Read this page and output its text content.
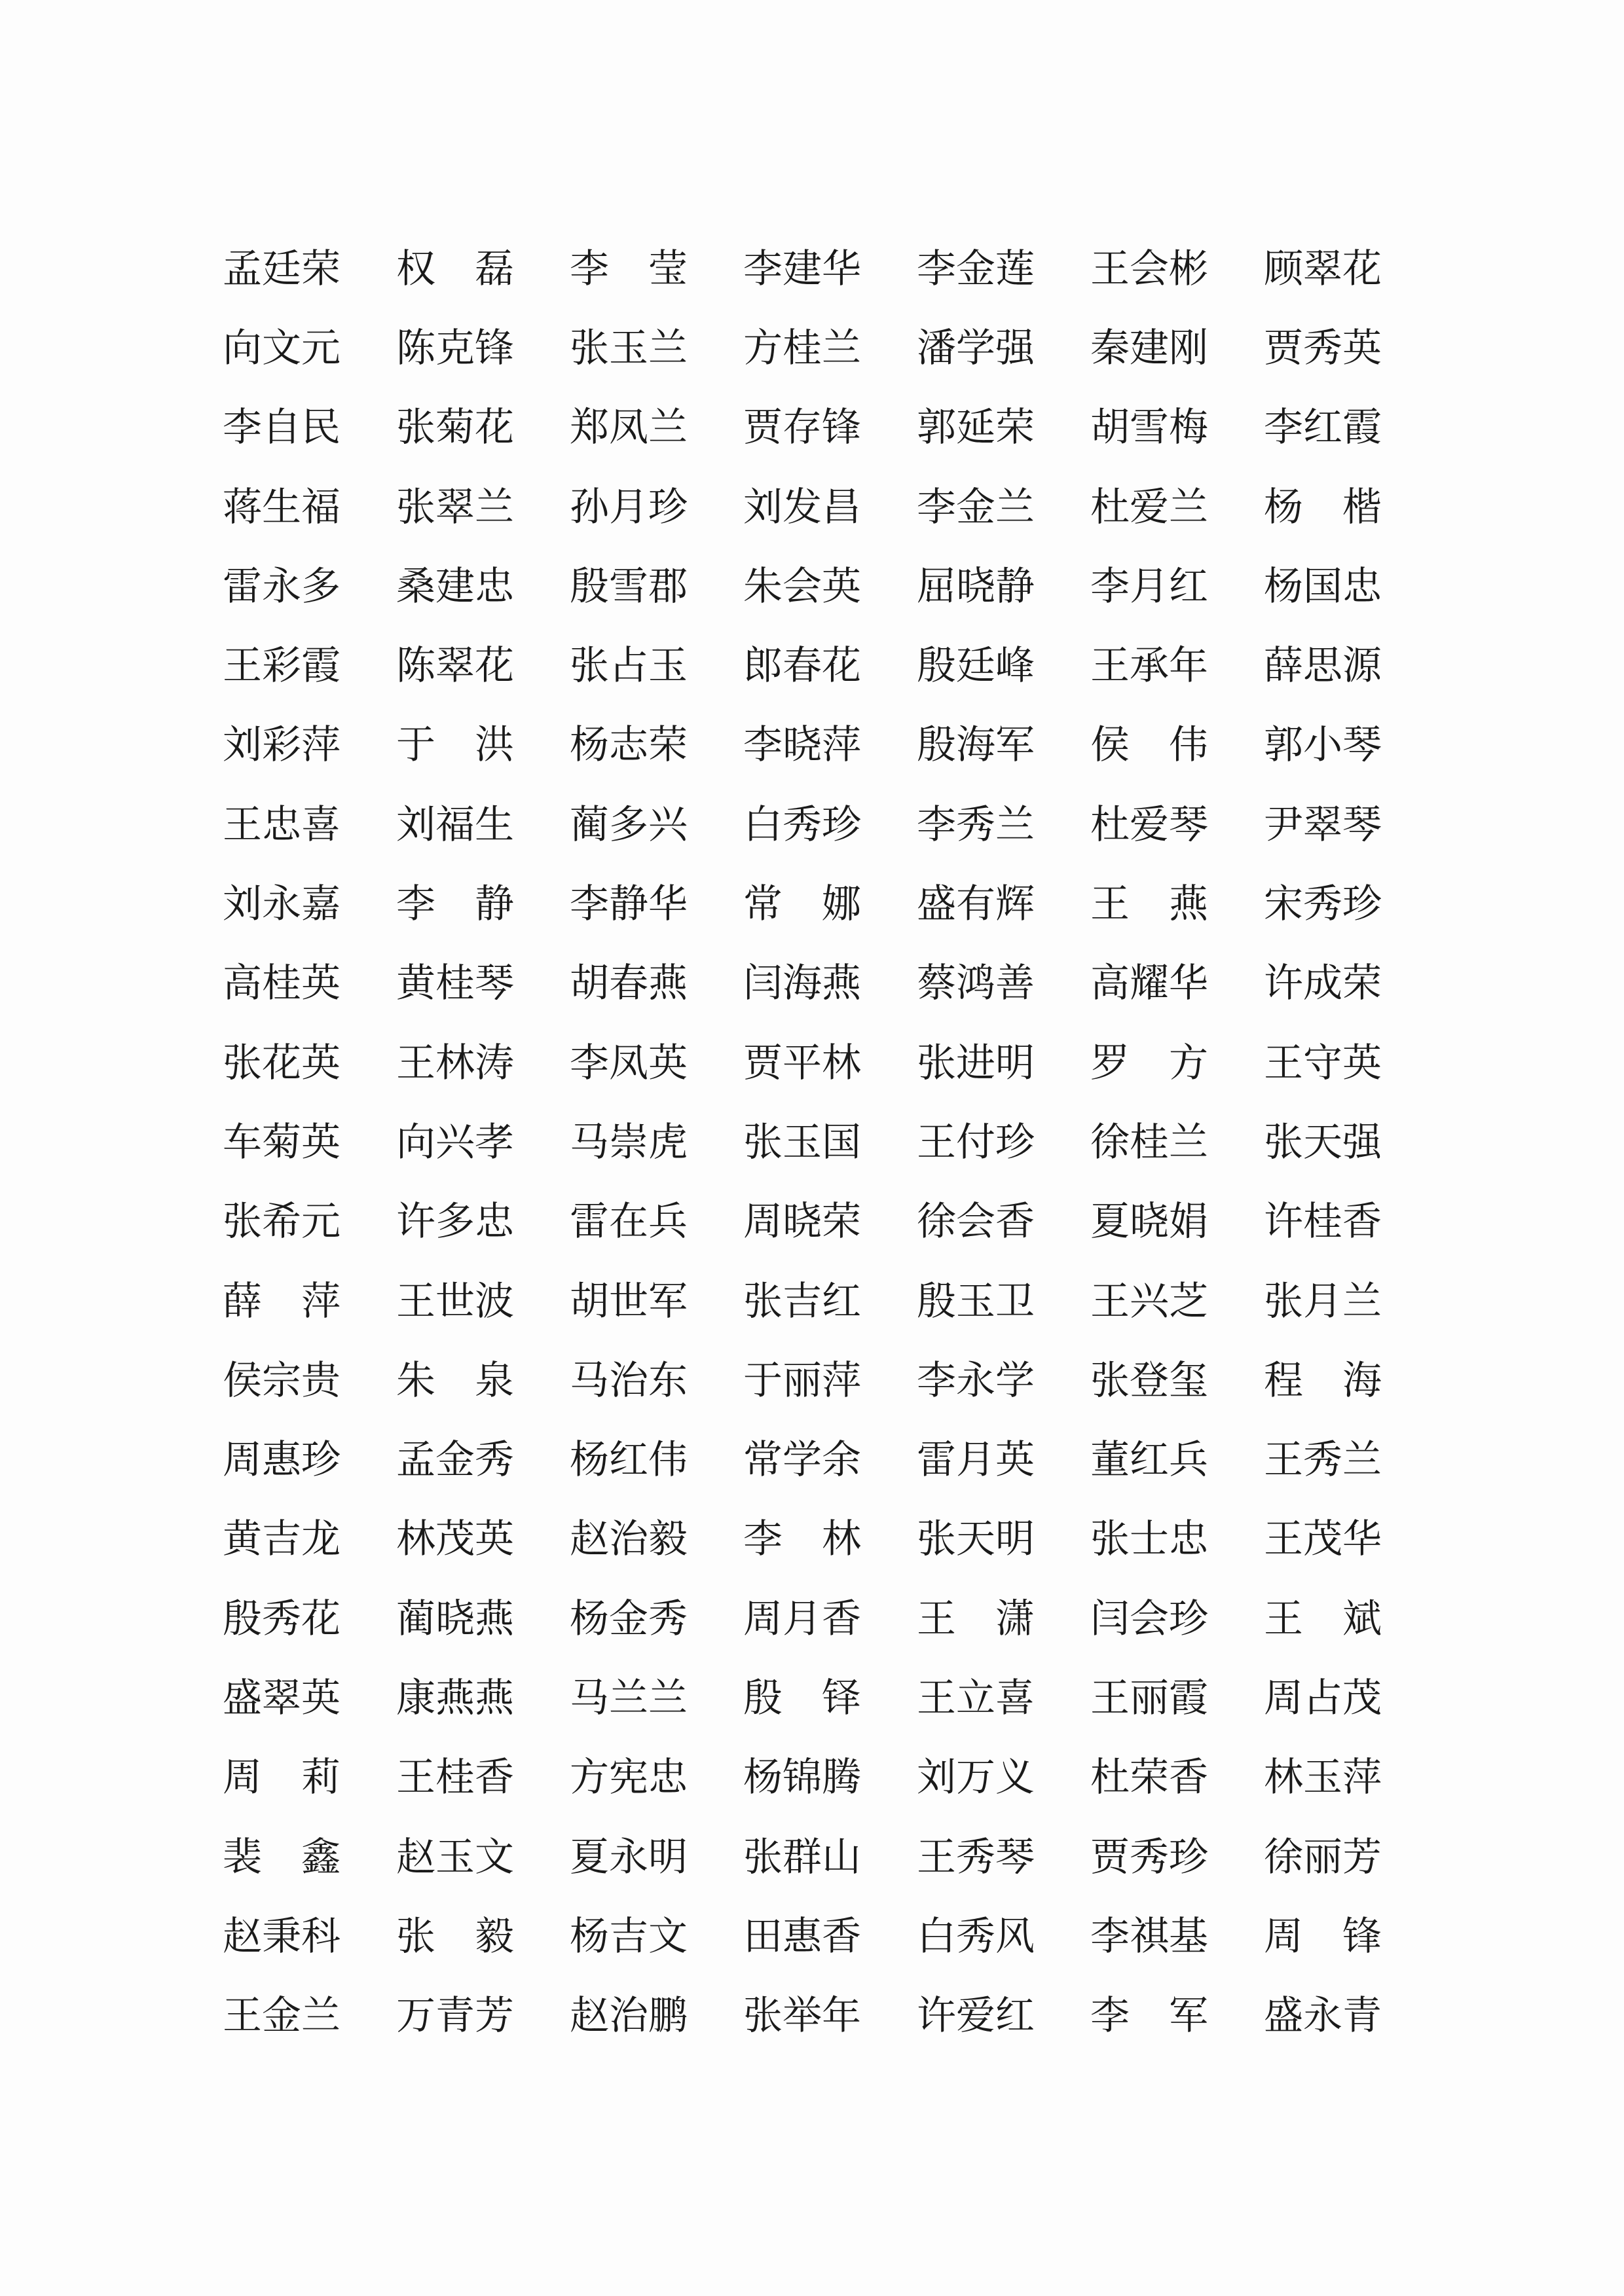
孟廷荣	权　磊	李　莹	李建华	李金莲	王会彬	顾翠花
向文元	陈克锋	张玉兰	方桂兰	潘学强	秦建刚	贾秀英
李自民	张菊花	郑凤兰	贾存锋	郭延荣	胡雪梅	李红霞
蒋生福	张翠兰	孙月珍	刘发昌	李金兰	杜爱兰	杨　楷
雷永多	桑建忠	殷雪郡	朱会英	屈晓静	李月红	杨国忠
王彩霞	陈翠花	张占玉	郎春花	殷廷峰	王承年	薛思源
刘彩萍	于　洪	杨志荣	李晓萍	殷海军	侯　伟	郭小琴
王忠喜	刘福生	蔺多兴	白秀珍	李秀兰	杜爱琴	尹翠琴
刘永嘉	李　静	李静华	常　娜	盛有辉	王　燕	宋秀珍
高桂英	黄桂琴	胡春燕	闫海燕	蔡鸿善	高耀华	许成荣
张花英	王林涛	李凤英	贾平林	张进明	罗　方	王守英
车菊英	向兴孝	马崇虎	张玉国	王付珍	徐桂兰	张天强
张希元	许多忠	雷在兵	周晓荣	徐会香	夏晓娟	许桂香
薛　萍	王世波	胡世军	张吉红	殷玉卫	王兴芝	张月兰
侯宗贵	朱　泉	马治东	于丽萍	李永学	张登玺	程　海
周惠珍	孟金秀	杨红伟	常学余	雷月英	董红兵	王秀兰
黄吉龙	林茂英	赵治毅	李　林	张天明	张士忠	王茂华
殷秀花	蔺晓燕	杨金秀	周月香	王　潇	闫会珍	王　斌
盛翠英	康燕燕	马兰兰	殷　铎	王立喜	王丽霞	周占茂
周　莉	王桂香	方宪忠	杨锦腾	刘万义	杜荣香	林玉萍
裴　鑫	赵玉文	夏永明	张群山	王秀琴	贾秀珍	徐丽芳
赵秉科	张　毅	杨吉文	田惠香	白秀风	李祺基	周　锋
王金兰	万青芳	赵治鹏	张举年	许爱红	李　军	盛永青
